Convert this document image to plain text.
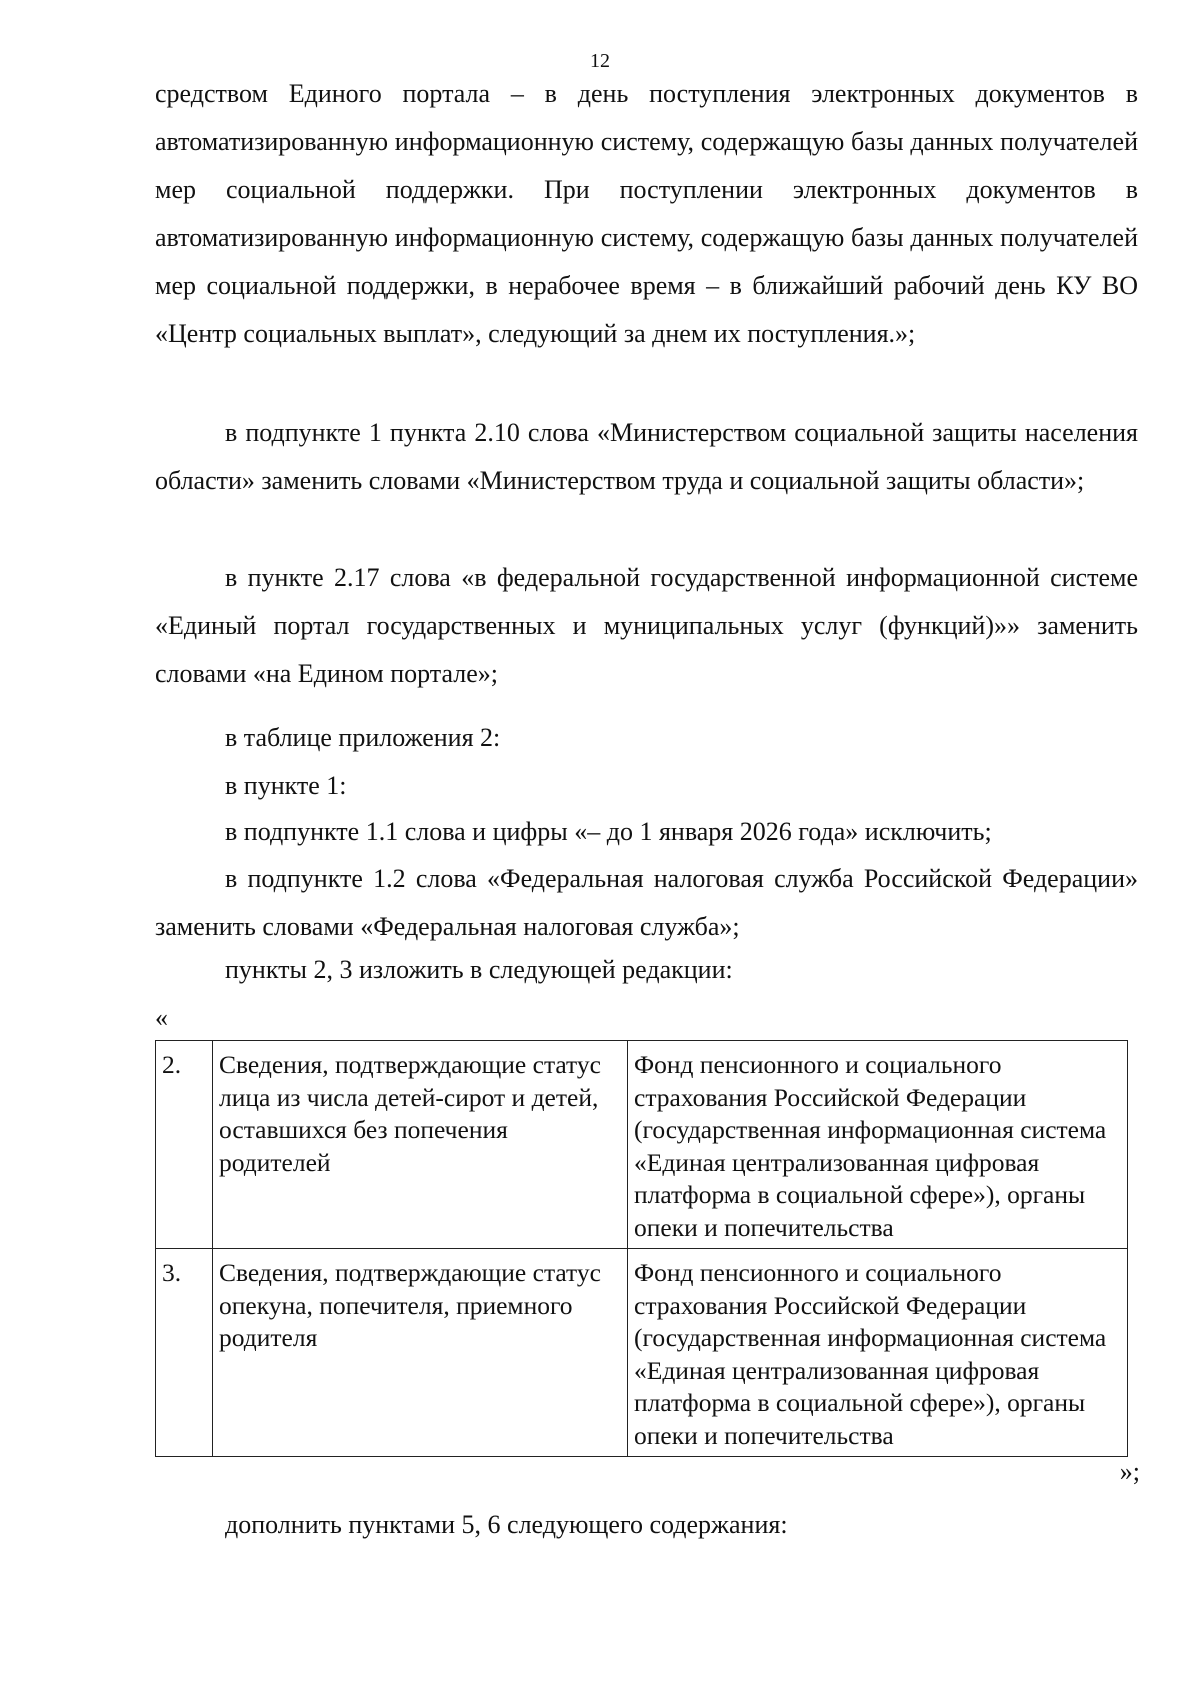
12

средством Единого портала – в день поступления электронных документов в автоматизированную информационную систему, содержащую базы данных получателей мер социальной поддержки. При поступлении электронных документов в автоматизированную информационную систему, содержащую базы данных получателей мер социальной поддержки, в нерабочее время – в ближайший рабочий день КУ ВО «Центр социальных выплат», следующий за днем их поступления.»;

в подпункте 1 пункта 2.10 слова «Министерством социальной защиты населения области» заменить словами «Министерством труда и социальной защиты области»;

в пункте 2.17 слова «в федеральной государственной информационной системе «Единый портал государственных и муниципальных услуг (функций)»» заменить словами «на Едином портале»;

в таблице приложения 2:
в пункте 1:
в подпункте 1.1 слова и цифры «– до 1 января 2026 года» исключить;

в подпункте 1.2 слова «Федеральная налоговая служба Российской Федерации» заменить словами «Федеральная налоговая служба»;

пункты 2, 3 изложить в следующей редакции:
«
2.	Сведения, подтверждающие статус лица из числа детей-сирот и детей, оставшихся без попечения родителей	Фонд пенсионного и социального страхования Российской Федерации (государственная информационная система «Единая централизованная цифровая платформа в социальной сфере»), органы опеки и попечительства
3.	Сведения, подтверждающие статус опекуна, попечителя, приемного родителя	Фонд пенсионного и социального страхования Российской Федерации (государственная информационная система «Единая централизованная цифровая платформа в социальной сфере»), органы опеки и попечительства
»;
дополнить пунктами 5, 6 следующего содержания:
